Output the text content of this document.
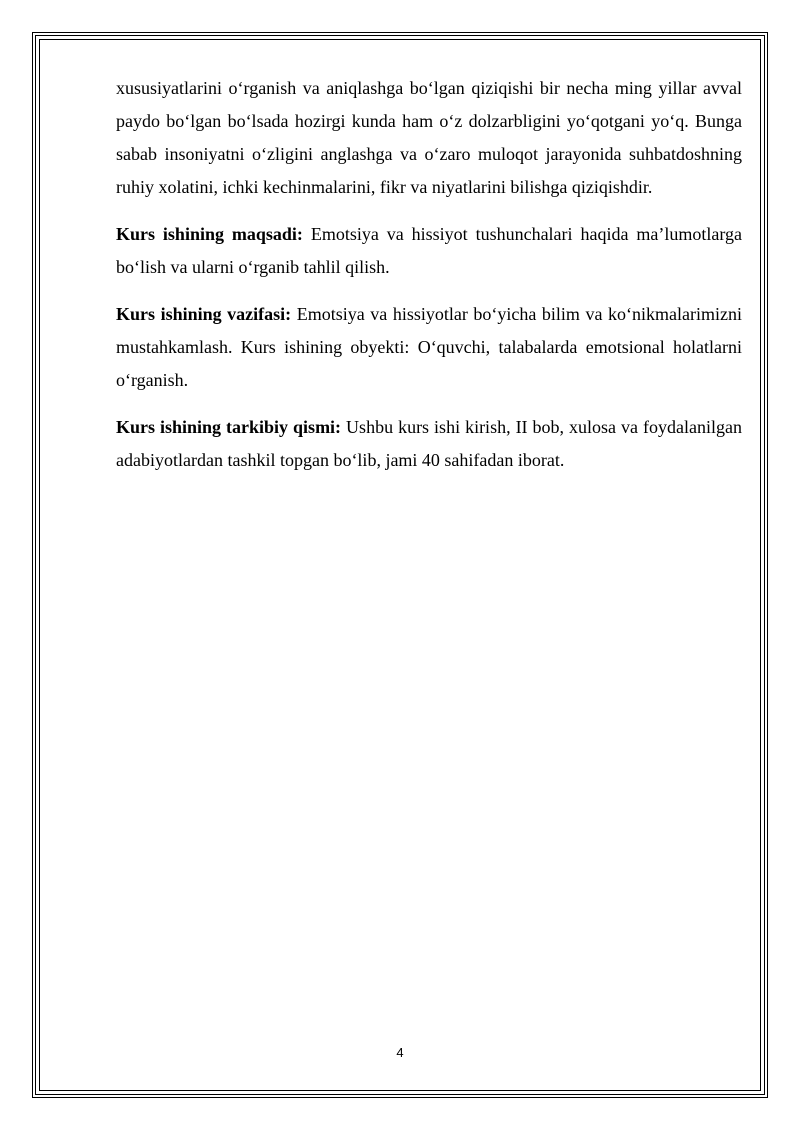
xususiyatlarini o‘rganish va aniqlashga bo‘lgan qiziqishi bir necha ming yillar avval paydo bo‘lgan bo‘lsada hozirgi kunda ham o‘z dolzarbligini yo‘qotgani yo‘q. Bunga sabab insoniyatni o‘zligini anglashga va o‘zaro muloqot jarayonida suhbatdoshning ruhiy xolatini, ichki kechinmalarini, fikr va niyatlarini bilishga qiziqishdir.

Kurs ishining maqsadi: Emotsiya va hissiyot tushunchalari haqida ma’lumotlarga bo‘lish va ularni o‘rganib tahlil qilish.

Kurs ishining vazifasi: Emotsiya va hissiyotlar bo‘yicha bilim va ko‘nikmalarimizni mustahkamlash. Kurs ishining obyekti: O‘quvchi, talabalarda emotsional holatlarni o‘rganish.

Kurs ishining tarkibiy qismi: Ushbu kurs ishi kirish, II bob, xulosa va foydalanilgan adabiyotlardan tashkil topgan bo‘lib, jami 40 sahifadan iborat.

4
